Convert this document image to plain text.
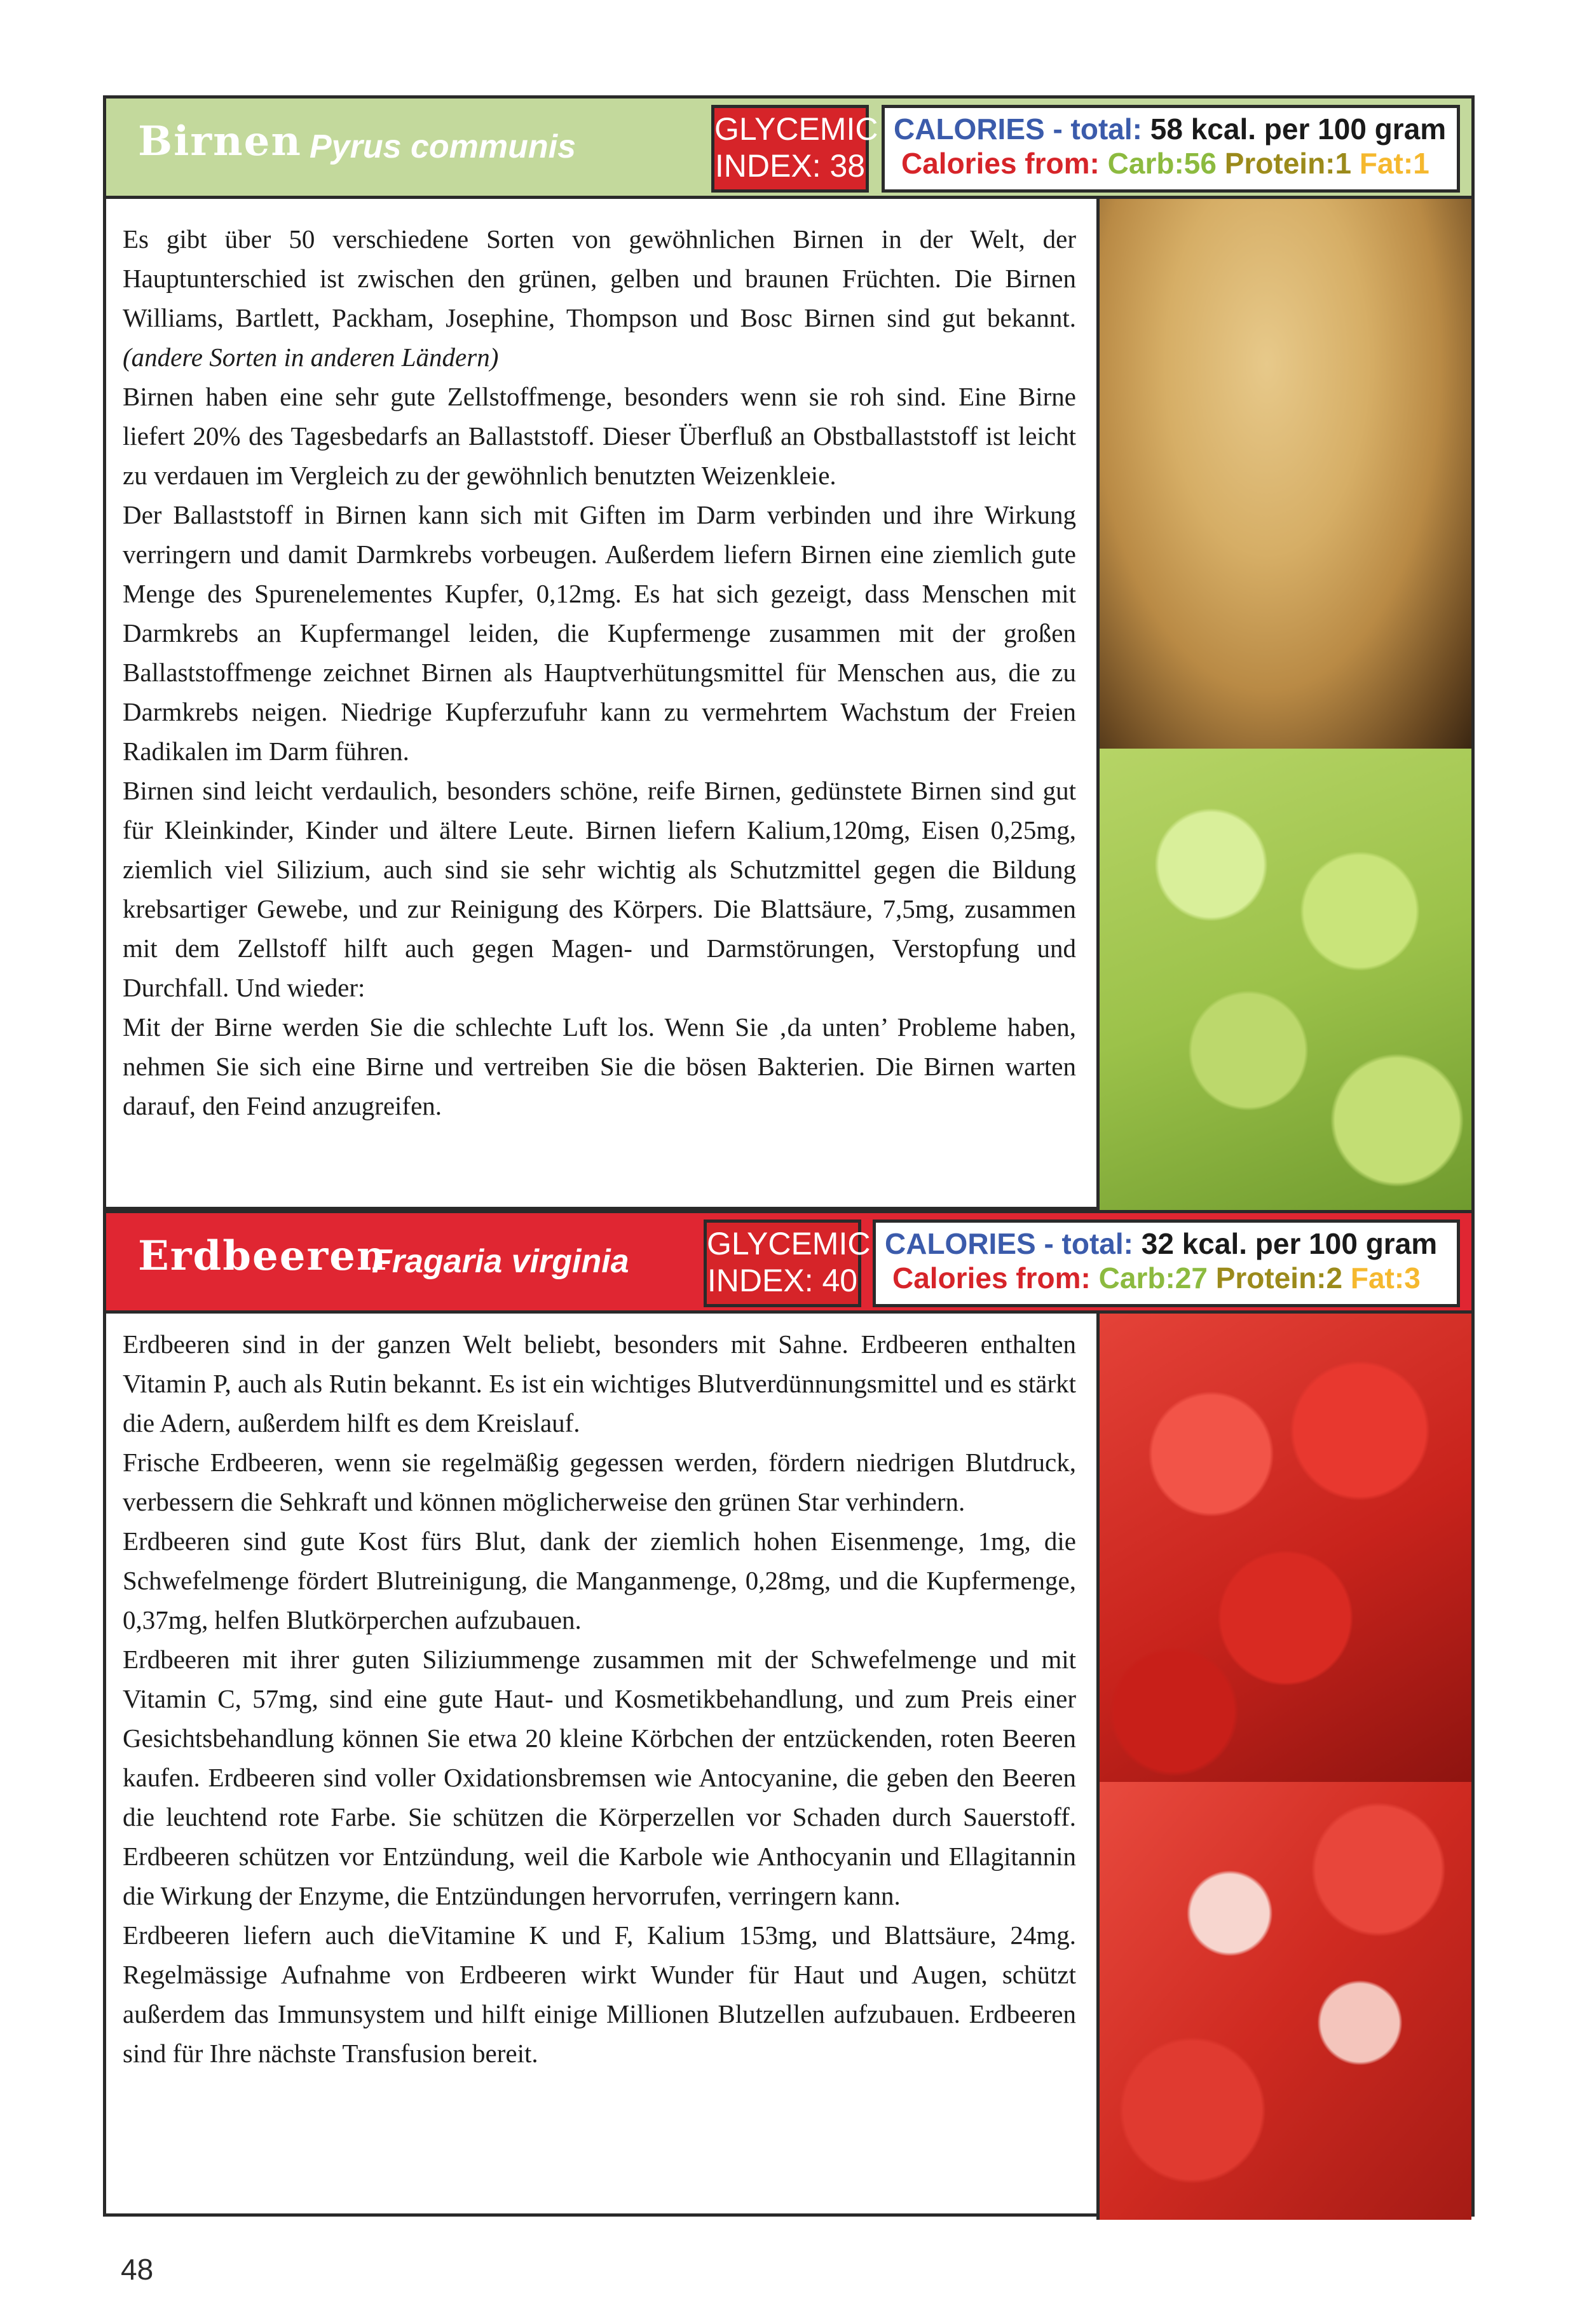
Birnen Pyrus communis	GLYCEMIC
INDEX: 38
CALORIES - total: 58 kcal. per 100 gram
Calories from: Carb:56 Protein:1 Fat:1

Es gibt über 50 verschiedene Sorten von gewöhnlichen Birnen in der Welt, der Hauptunterschied ist zwischen den grünen, gelben und braunen Früchten. Die Birnen Williams, Bartlett, Packham, Josephine, Thompson und Bosc Birnen sind gut bekannt. (andere Sorten in anderen Ländern)

Birnen haben eine sehr gute Zellstoffmenge, besonders wenn sie roh sind. Eine Birne liefert 20% des Tagesbedarfs an Ballaststoff. Dieser Überfluß an Obstballaststoff ist leicht zu verdauen im Vergleich zu der gewöhnlich benutzten Weizenkleie.

Der Ballaststoff in Birnen kann sich mit Giften im Darm verbinden und ihre Wirkung verringern und damit Darmkrebs vorbeugen. Außerdem liefern Birnen eine ziemlich gute Menge des Spurenelementes Kupfer, 0,12mg. Es hat sich gezeigt, dass Menschen mit Darmkrebs an Kupfermangel leiden, die Kupfermenge zusammen mit der großen Ballaststoffmenge zeichnet Birnen als Hauptverhütungsmittel für Menschen aus, die zu Darmkrebs neigen. Niedrige Kupferzufuhr kann zu vermehrtem Wachstum der Freien Radikalen im Darm führen.

Birnen sind leicht verdaulich, besonders schöne, reife Birnen, gedünstete Birnen sind gut für Kleinkinder, Kinder und ältere Leute. Birnen liefern Kalium,120mg, Eisen 0,25mg, ziemlich viel Silizium, auch sind sie sehr wichtig als Schutzmittel gegen die Bildung krebsartiger Gewebe, und zur Reinigung des Körpers. Die Blattsäure, 7,5mg, zusammen mit dem Zellstoff hilft auch gegen Magen- und Darmstörungen, Verstopfung und Durchfall. Und wieder:

Mit der Birne werden Sie die schlechte Luft los. Wenn Sie ‚da unten’ Probleme haben, nehmen Sie sich eine Birne und vertreiben Sie die bösen Bakterien. Die Birnen warten darauf, den Feind anzugreifen.

Erdbeeren
Fragaria virginia GLYCEMIC
INDEX: 40
CALORIES - total: 32 kcal. per 100 gram
Calories from: Carb:27 Protein:2 Fat:3

Erdbeeren sind in der ganzen Welt beliebt, besonders mit Sahne. Erdbeeren enthalten Vitamin P, auch als Rutin bekannt. Es ist ein wichtiges Blutverdünnungsmittel und es stärkt die Adern, außerdem hilft es dem Kreislauf.

Frische Erdbeeren, wenn sie regelmäßig gegessen werden, fördern niedrigen Blutdruck, verbessern die Sehkraft und können möglicherweise den grünen Star verhindern.

Erdbeeren sind gute Kost fürs Blut, dank der ziemlich hohen Eisenmenge, 1mg, die Schwefelmenge fördert Blutreinigung, die Manganmenge, 0,28mg, und die Kupfermenge, 0,37mg, helfen Blutkörperchen aufzubauen.

Erdbeeren mit ihrer guten Siliziummenge zusammen mit der Schwefelmenge und mit Vitamin C, 57mg, sind eine gute Haut- und Kosmetikbehandlung, und zum Preis einer Gesichtsbehandlung können Sie etwa 20 kleine Körbchen der entzückenden, roten Beeren kaufen. Erdbeeren sind voller Oxidationsbremsen wie Antocyanine, die geben den Beeren die leuchtend rote Farbe. Sie schützen die Körperzellen vor Schaden durch Sauerstoff. Erdbeeren schützen vor Entzündung, weil die Karbole wie Anthocyanin und Ellagitannin die Wirkung der Enzyme, die Entzündungen hervorrufen, verringern kann.

Erdbeeren liefern auch dieVitamine K und F, Kalium 153mg, und Blattsäure, 24mg. Regelmässige Aufnahme von Erdbeeren wirkt Wunder für Haut und Augen, schützt außerdem das Immunsystem und hilft einige Millionen Blutzellen aufzubauen. Erdbeeren sind für Ihre nächste Transfusion bereit.

48
